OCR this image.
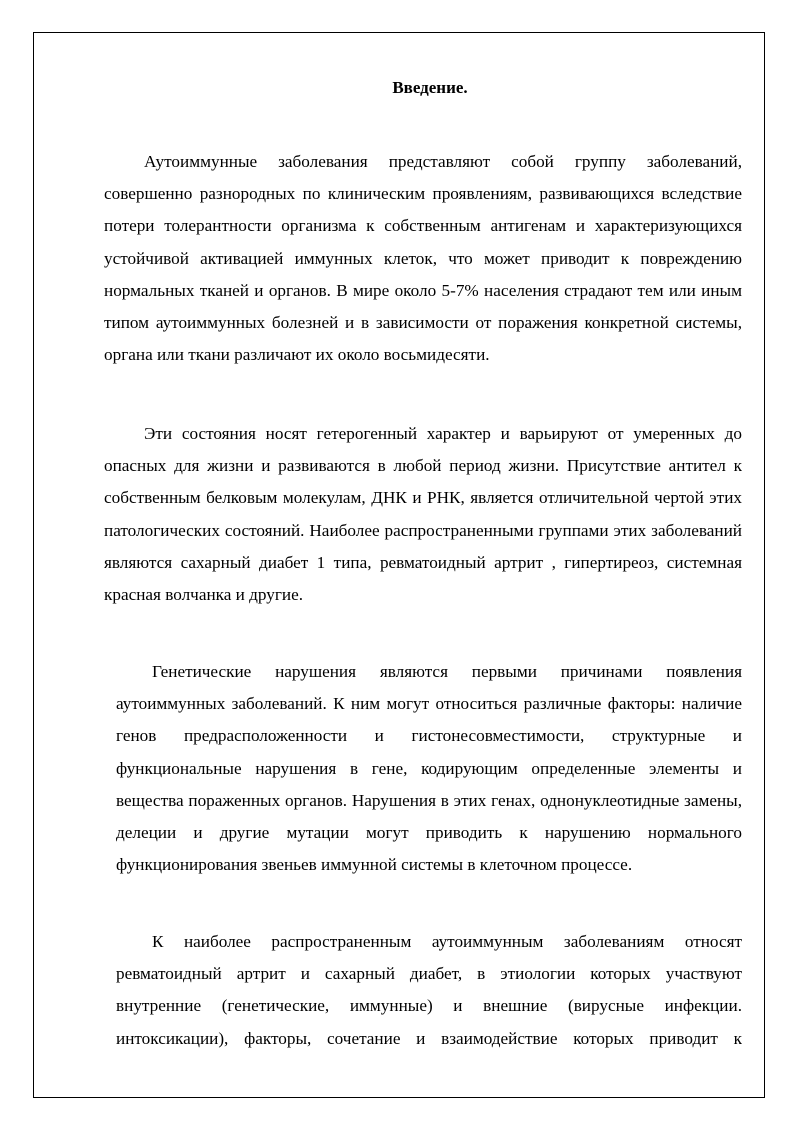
Введение.

Аутоиммунные заболевания представляют собой группу заболеваний, совершенно разнородных по клиническим проявлениям, развивающихся вследствие потери толерантности организма к собственным антигенам и характеризующихся устойчивой активацией иммунных клеток, что может приводит к повреждению нормальных тканей и органов. В мире около 5-7% населения страдают тем или иным типом аутоиммунных болезней и в зависимости от поражения конкретной системы, органа или ткани различают их около восьмидесяти.

Эти состояния носят гетерогенный характер и варьируют от умеренных до опасных для жизни и развиваются в любой период жизни. Присутствие антител к собственным белковым молекулам, ДНК и РНК, является отличительной чертой этих патологических состояний. Наиболее распространенными группами этих заболеваний являются сахарный диабет 1 типа, ревматоидный артрит , гипертиреоз, системная красная волчанка и другие.

Генетические нарушения являются первыми причинами появления аутоиммунных заболеваний. К ним могут относиться различные факторы: наличие генов предрасположенности и гистонесовместимости, структурные и функциональные нарушения в гене, кодирующим определенные элементы и вещества пораженных органов. Нарушения в этих генах, однонуклеотидные замены, делеции и другие мутации могут приводить к нарушению нормального функционирования звеньев иммунной системы в клеточном процессе.

К наиболее распространенным аутоиммунным заболеваниям относят ревматоидный артрит и сахарный диабет, в этиологии которых участвуют внутренние (генетические, иммунные) и внешние (вирусные инфекции. интоксикации), факторы, сочетание и взаимодействие которых приводит к
